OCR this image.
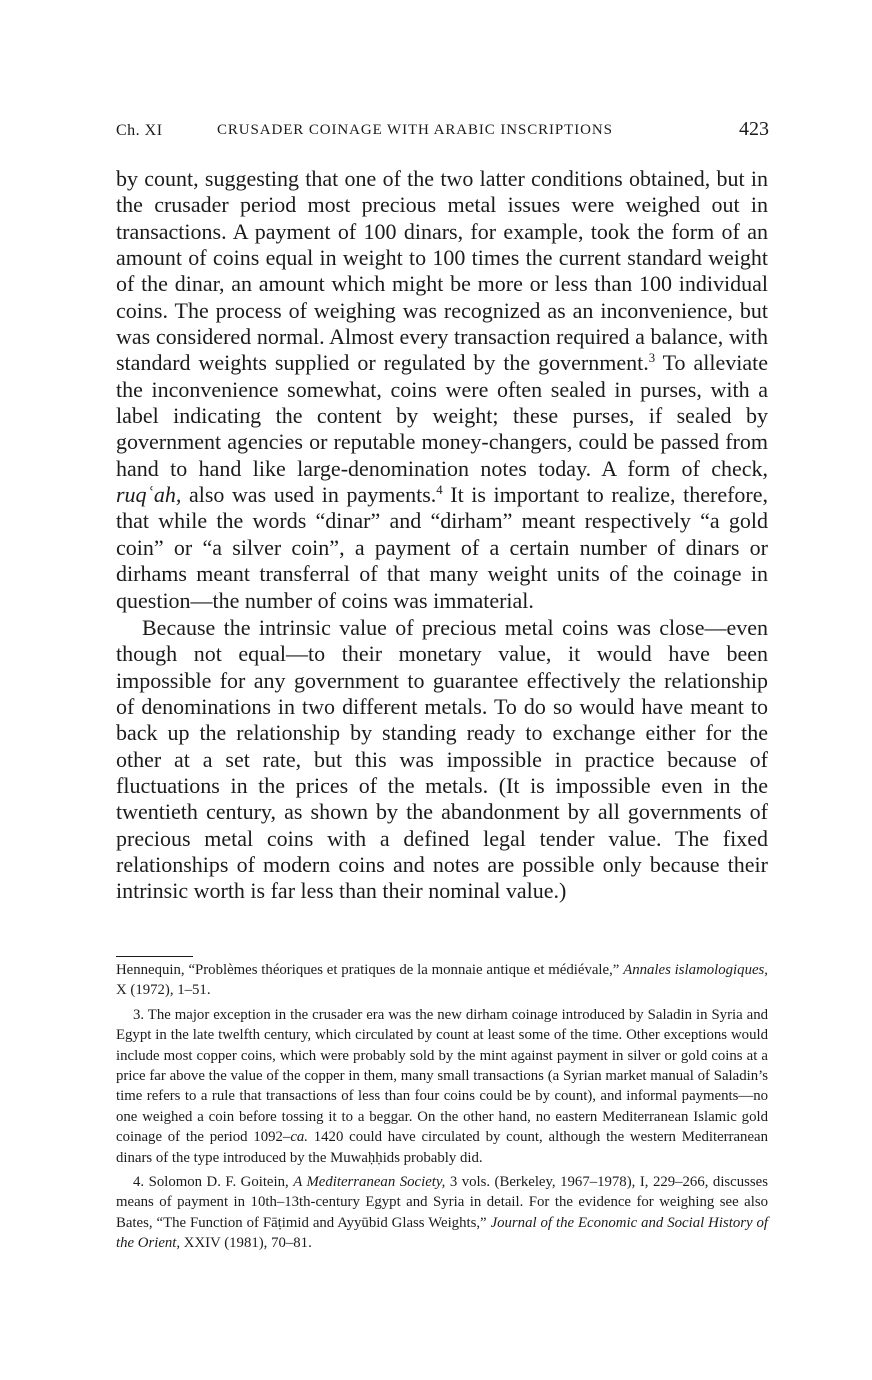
Ch. XI	CRUSADER COINAGE WITH ARABIC INSCRIPTIONS	423

by count, suggesting that one of the two latter conditions obtained, but in the crusader period most precious metal issues were weighed out in transactions. A payment of 100 dinars, for example, took the form of an amount of coins equal in weight to 100 times the current standard weight of the dinar, an amount which might be more or less than 100 individual coins. The process of weighing was recognized as an inconvenience, but was considered normal. Almost every transaction required a balance, with standard weights supplied or regulated by the government.$^3$ To alleviate the inconvenience somewhat, coins were often sealed in purses, with a label indicating the content by weight; these purses, if sealed by government agencies or reputable money-changers, could be passed from hand to hand like large-denomination notes today. A form of check, ruqʿah, also was used in payments.$^4$ It is important to realize, therefore, that while the words “dinar” and “dirham” meant respectively “a gold coin” or “a silver coin”, a payment of a certain number of dinars or dirhams meant transferral of that many weight units of the coinage in question—the number of coins was immaterial.

Because the intrinsic value of precious metal coins was close—even though not equal—to their monetary value, it would have been impossible for any government to guarantee effectively the relationship of denominations in two different metals. To do so would have meant to back up the relationship by standing ready to exchange either for the other at a set rate, but this was impossible in practice because of fluctuations in the prices of the metals. (It is impossible even in the twentieth century, as shown by the abandonment by all governments of precious metal coins with a defined legal tender value. The fixed relationships of modern coins and notes are possible only because their intrinsic worth is far less than their nominal value.)

Hennequin, “Problèmes théoriques et pratiques de la monnaie antique et médiévale,” Annales islamologiques, X (1972), 1–51.

3. The major exception in the crusader era was the new dirham coinage introduced by Saladin in Syria and Egypt in the late twelfth century, which circulated by count at least some of the time. Other exceptions would include most copper coins, which were probably sold by the mint against payment in silver or gold coins at a price far above the value of the copper in them, many small transactions (a Syrian market manual of Saladin’s time refers to a rule that transactions of less than four coins could be by count), and informal payments—no one weighed a coin before tossing it to a beggar. On the other hand, no eastern Mediterranean Islamic gold coinage of the period 1092–ca. 1420 could have circulated by count, although the western Mediterranean dinars of the type introduced by the Muwaḥḥids probably did.

4. Solomon D. F. Goitein, A Mediterranean Society, 3 vols. (Berkeley, 1967–1978), I, 229–266, discusses means of payment in 10th–13th-century Egypt and Syria in detail. For the evidence for weighing see also Bates, “The Function of Fāṭimid and Ayyūbid Glass Weights,” Journal of the Economic and Social History of the Orient, XXIV (1981), 70–81.
